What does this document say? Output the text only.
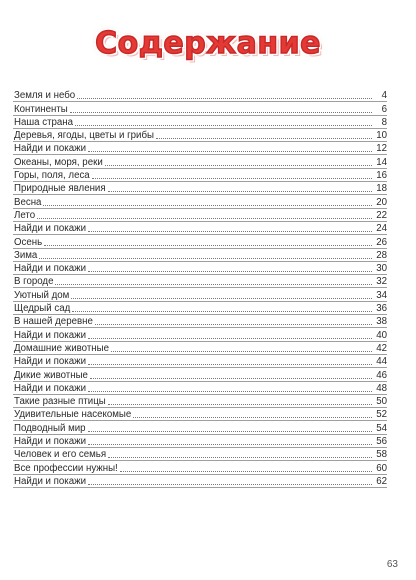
Содержание
Земля и небо	4
Континенты	6
Наша страна	8
Деревья, ягоды, цветы и грибы	10
Найди и покажи	12
Океаны, моря, реки	14
Горы, поля, леса	16
Природные явления	18
Весна	20
Лето	22
Найди и покажи	24
Осень	26
Зима	28
Найди и покажи	30
В городе	32
Уютный дом	34
Щедрый сад	36
В нашей деревне	38
Найди и покажи	40
Домашние животные	42
Найди и покажи	44
Дикие животные	46
Найди и покажи	48
Такие разные птицы	50
Удивительные насекомые	52
Подводный мир	54
Найди и покажи	56
Человек и его семья	58
Все профессии нужны!	60
Найди и покажи	62
63
